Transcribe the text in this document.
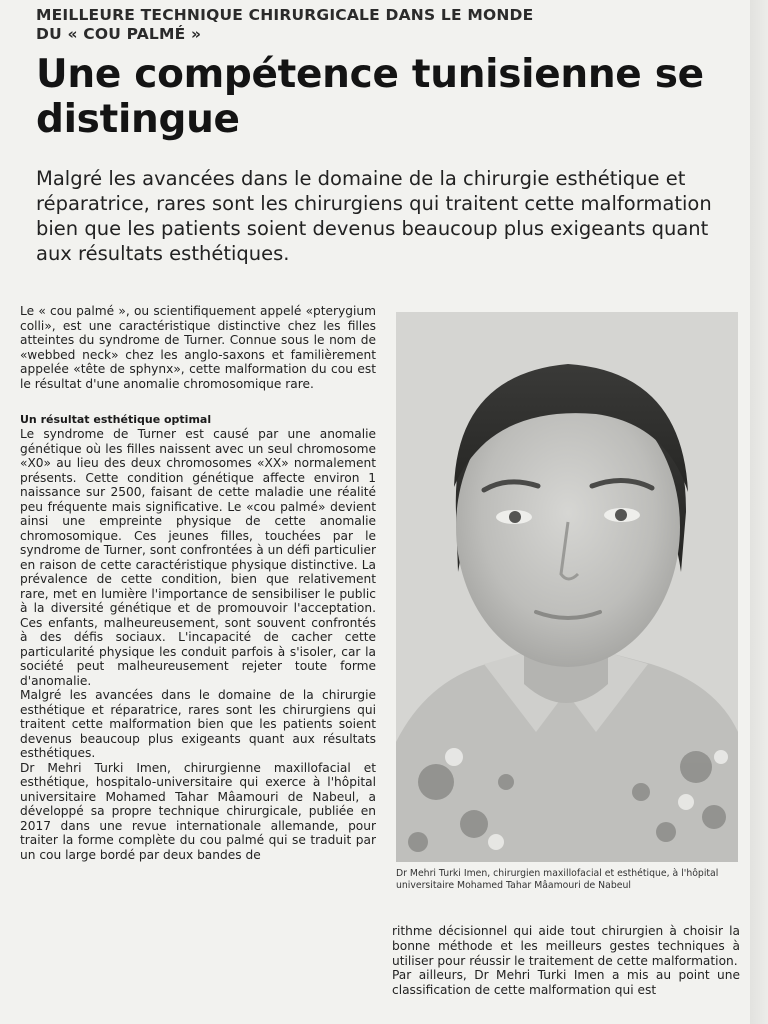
MEILLEURE TECHNIQUE CHIRURGICALE DANS LE MONDE
DU « COU PALMÉ »
Une compétence tunisienne se distingue
Malgré les avancées dans le domaine de la chirurgie esthétique et réparatrice, rares sont les chirurgiens qui traitent cette malformation bien que les patients soient devenus beaucoup plus exigeants quant aux résultats esthétiques.

Le « cou palmé », ou scientifiquement appelé «pterygium colli», est une caractéristique distinctive chez les filles atteintes du syndrome de Turner. Connue sous le nom de «webbed neck» chez les anglo-saxons et familièrement appelée «tête de sphynx», cette malformation du cou est le résultat d'une anomalie chromosomique rare.

Un résultat esthétique optimal

Le syndrome de Turner est causé par une anomalie génétique où les filles naissent avec un seul chromosome «X0» au lieu des deux chromosomes «XX» normalement présents. Cette condition génétique affecte environ 1 naissance sur 2500, faisant de cette maladie une réalité peu fréquente mais significative. Le «cou palmé» devient ainsi une empreinte physique de cette anomalie chromosomique. Ces jeunes filles, touchées par le syndrome de Turner, sont confrontées à un défi particulier en raison de cette caractéristique physique distinctive. La prévalence de cette condition, bien que relativement rare, met en lumière l'importance de sensibiliser le public à la diversité génétique et de promouvoir l'acceptation. Ces enfants, malheureusement, sont souvent confrontés à des défis sociaux. L'incapacité de cacher cette particularité physique les conduit parfois à s'isoler, car la société peut malheureusement rejeter toute forme d'anomalie.

Malgré les avancées dans le domaine de la chirurgie esthétique et réparatrice, rares sont les chirurgiens qui traitent cette malformation bien que les patients soient devenus beaucoup plus exigeants quant aux résultats esthétiques.

Dr Mehri Turki Imen, chirurgienne maxillofacial et esthétique, hospitalo-universitaire qui exerce à l'hôpital universitaire Mohamed Tahar Mâamouri de Nabeul, a développé sa propre technique chirurgicale, publiée en 2017 dans une revue internationale allemande, pour traiter la forme complète du cou palmé qui se traduit par un cou large bordé par deux bandes de

Dr Mehri Turki Imen, chirurgien maxillofacial et esthétique, à l'hôpital universitaire Mohamed Tahar Mâamouri de Nabeul

rithme décisionnel qui aide tout chirurgien à choisir la bonne méthode et les meilleurs gestes techniques à utiliser pour réussir le traitement de cette malformation.

Par ailleurs, Dr Mehri Turki Imen a mis au point une classification de cette malformation qui est
